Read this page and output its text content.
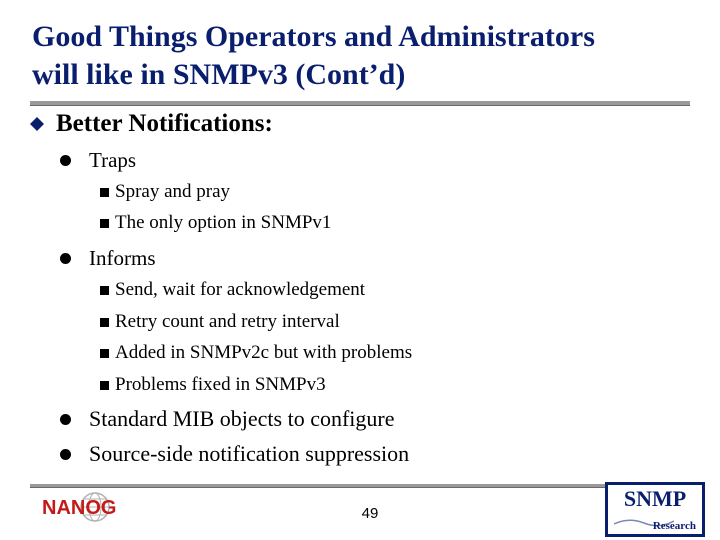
Good Things Operators and Administrators
will like in SNMPv3 (Cont’d)
Better Notifications:
Traps
Spray and pray
The only option in SNMPv1
Informs
Send, wait for acknowledgement
Retry count and retry interval
Added in SNMPv2c but with problems
Problems fixed in SNMPv3
Standard MIB objects to configure
Source-side notification suppression
NANOG	49
SNMP
Research
